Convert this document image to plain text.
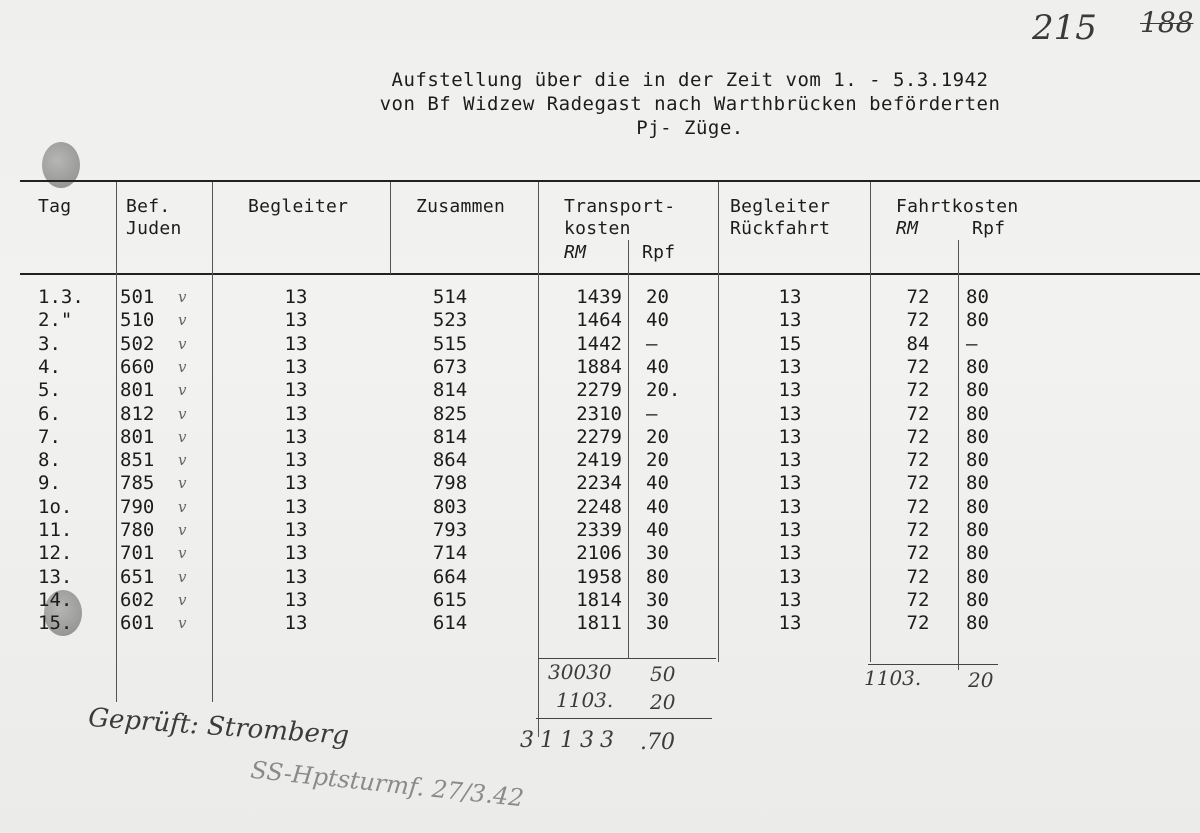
215 188
Aufstellung über die in der Zeit vom 1. - 5.3.1942
von Bf Widzew Radegast nach Warthbrücken beförderten
Pj- Züge.
Tag	Bef.
Juden
Begleiter	Zusammen	Transport-
kosten
RM	Rpf
Begleiter
Rückfahrt
Fahrtkosten
RM	Rpf
1.3.	501	v	13	514	1439 20	13	72	80
2."	510	v	13	523	1464 40	13	72	80
3.	502	v	13	515	1442 –	15	84	–
4.	660	v	13	673	1884 40	13	72	80
5.	801	v	13	814	2279 20.	13	72	80
6.	812	v	13	825	2310 –	13	72	80
7.	801	v	13	814	2279 20	13	72	80
8.	851	v	13	864	2419 20	13	72	80
9.	785	v	13	798	2234 40	13	72	80
1o.	790	v	13	803	2248 40	13	72	80
11.	780	v	13	793	2339 40	13	72	80
12.	701	v	13	714	2106 30	13	72	80
13.	651	v	13	664	1958 80	13	72	80
14.	602	v	13	615	1814 30	13	72	80
15.	601	v	13	614	1811 30	13	72	80
30030 50
1103. 20
31133 .70
1103. 20
Geprüft: Stromberg
SS-Hptsturmf. 27/3.42
